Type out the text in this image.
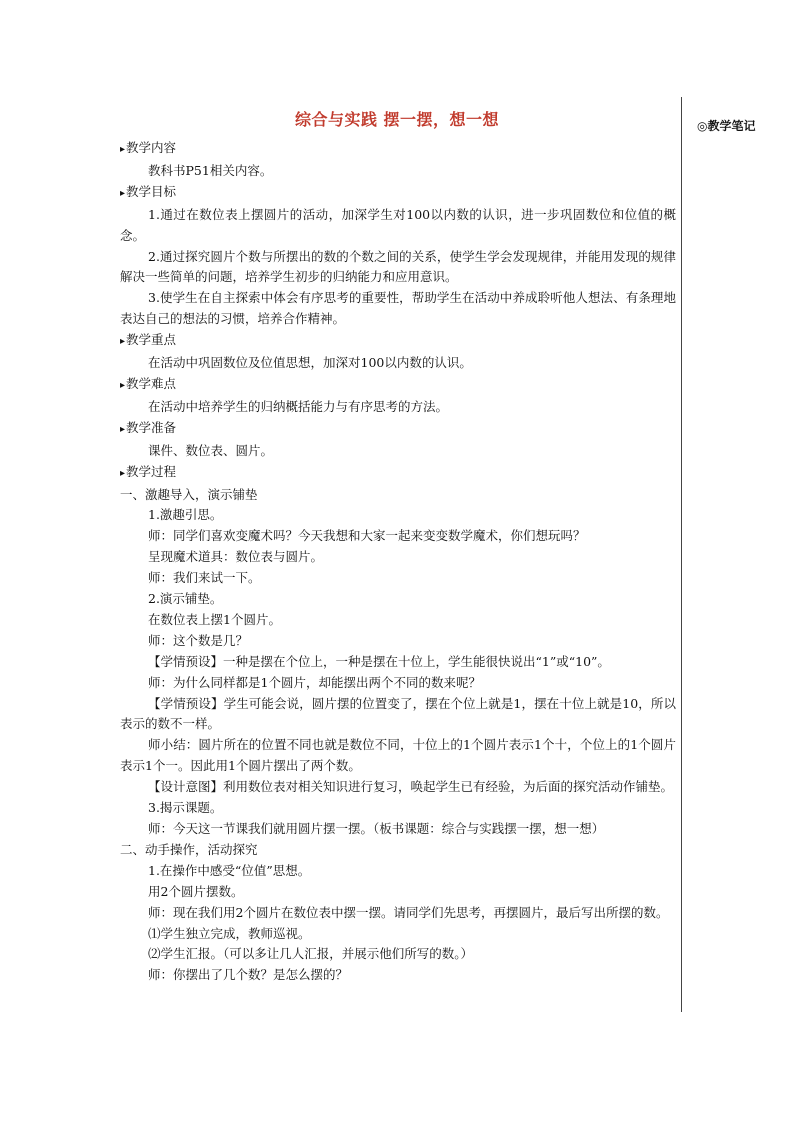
综合与实践 摆一摆，想一想	◎教学笔记

▸ 教学内容

教科书P51相关内容。

▸ 教学目标

1.通过在数位表上摆圆片的活动，加深学生对100以内数的认识，进一步巩固数位和位值的概念。

2.通过探究圆片个数与所摆出的数的个数之间的关系，使学生学会发现规律，并能用发现的规律解决一些简单的问题，培养学生初步的归纳能力和应用意识。

3.使学生在自主探索中体会有序思考的重要性，帮助学生在活动中养成聆听他人想法、有条理地表达自己的想法的习惯，培养合作精神。

▸ 教学重点

在活动中巩固数位及位值思想，加深对100以内数的认识。

▸ 教学难点

在活动中培养学生的归纳概括能力与有序思考的方法。

▸ 教学准备

课件、数位表、圆片。

▸ 教学过程

一、激趣导入，演示铺垫

1.激趣引思。

师：同学们喜欢变魔术吗？今天我想和大家一起来变变数学魔术，你们想玩吗？

呈现魔术道具：数位表与圆片。

师：我们来试一下。

2.演示铺垫。

在数位表上摆1个圆片。

师：这个数是几？

【学情预设】一种是摆在个位上，一种是摆在十位上，学生能很快说出“1”或“10”。

师：为什么同样都是1个圆片，却能摆出两个不同的数来呢？

【学情预设】学生可能会说，圆片摆的位置变了，摆在个位上就是1，摆在十位上就是10，所以表示的数不一样。

师小结：圆片所在的位置不同也就是数位不同，十位上的1个圆片表示1个十，个位上的1个圆片表示1个一。因此用1个圆片摆出了两个数。

【设计意图】利用数位表对相关知识进行复习，唤起学生已有经验，为后面的探究活动作铺垫。

3.揭示课题。

师：今天这一节课我们就用圆片摆一摆。（板书课题：综合与实践摆一摆，想一想）

二、动手操作，活动探究

1.在操作中感受“位值”思想。

用2个圆片摆数。

师：现在我们用2个圆片在数位表中摆一摆。请同学们先思考，再摆圆片，最后写出所摆的数。

⑴学生独立完成，教师巡视。

⑵学生汇报。（可以多让几人汇报，并展示他们所写的数。）

师：你摆出了几个数？是怎么摆的？
